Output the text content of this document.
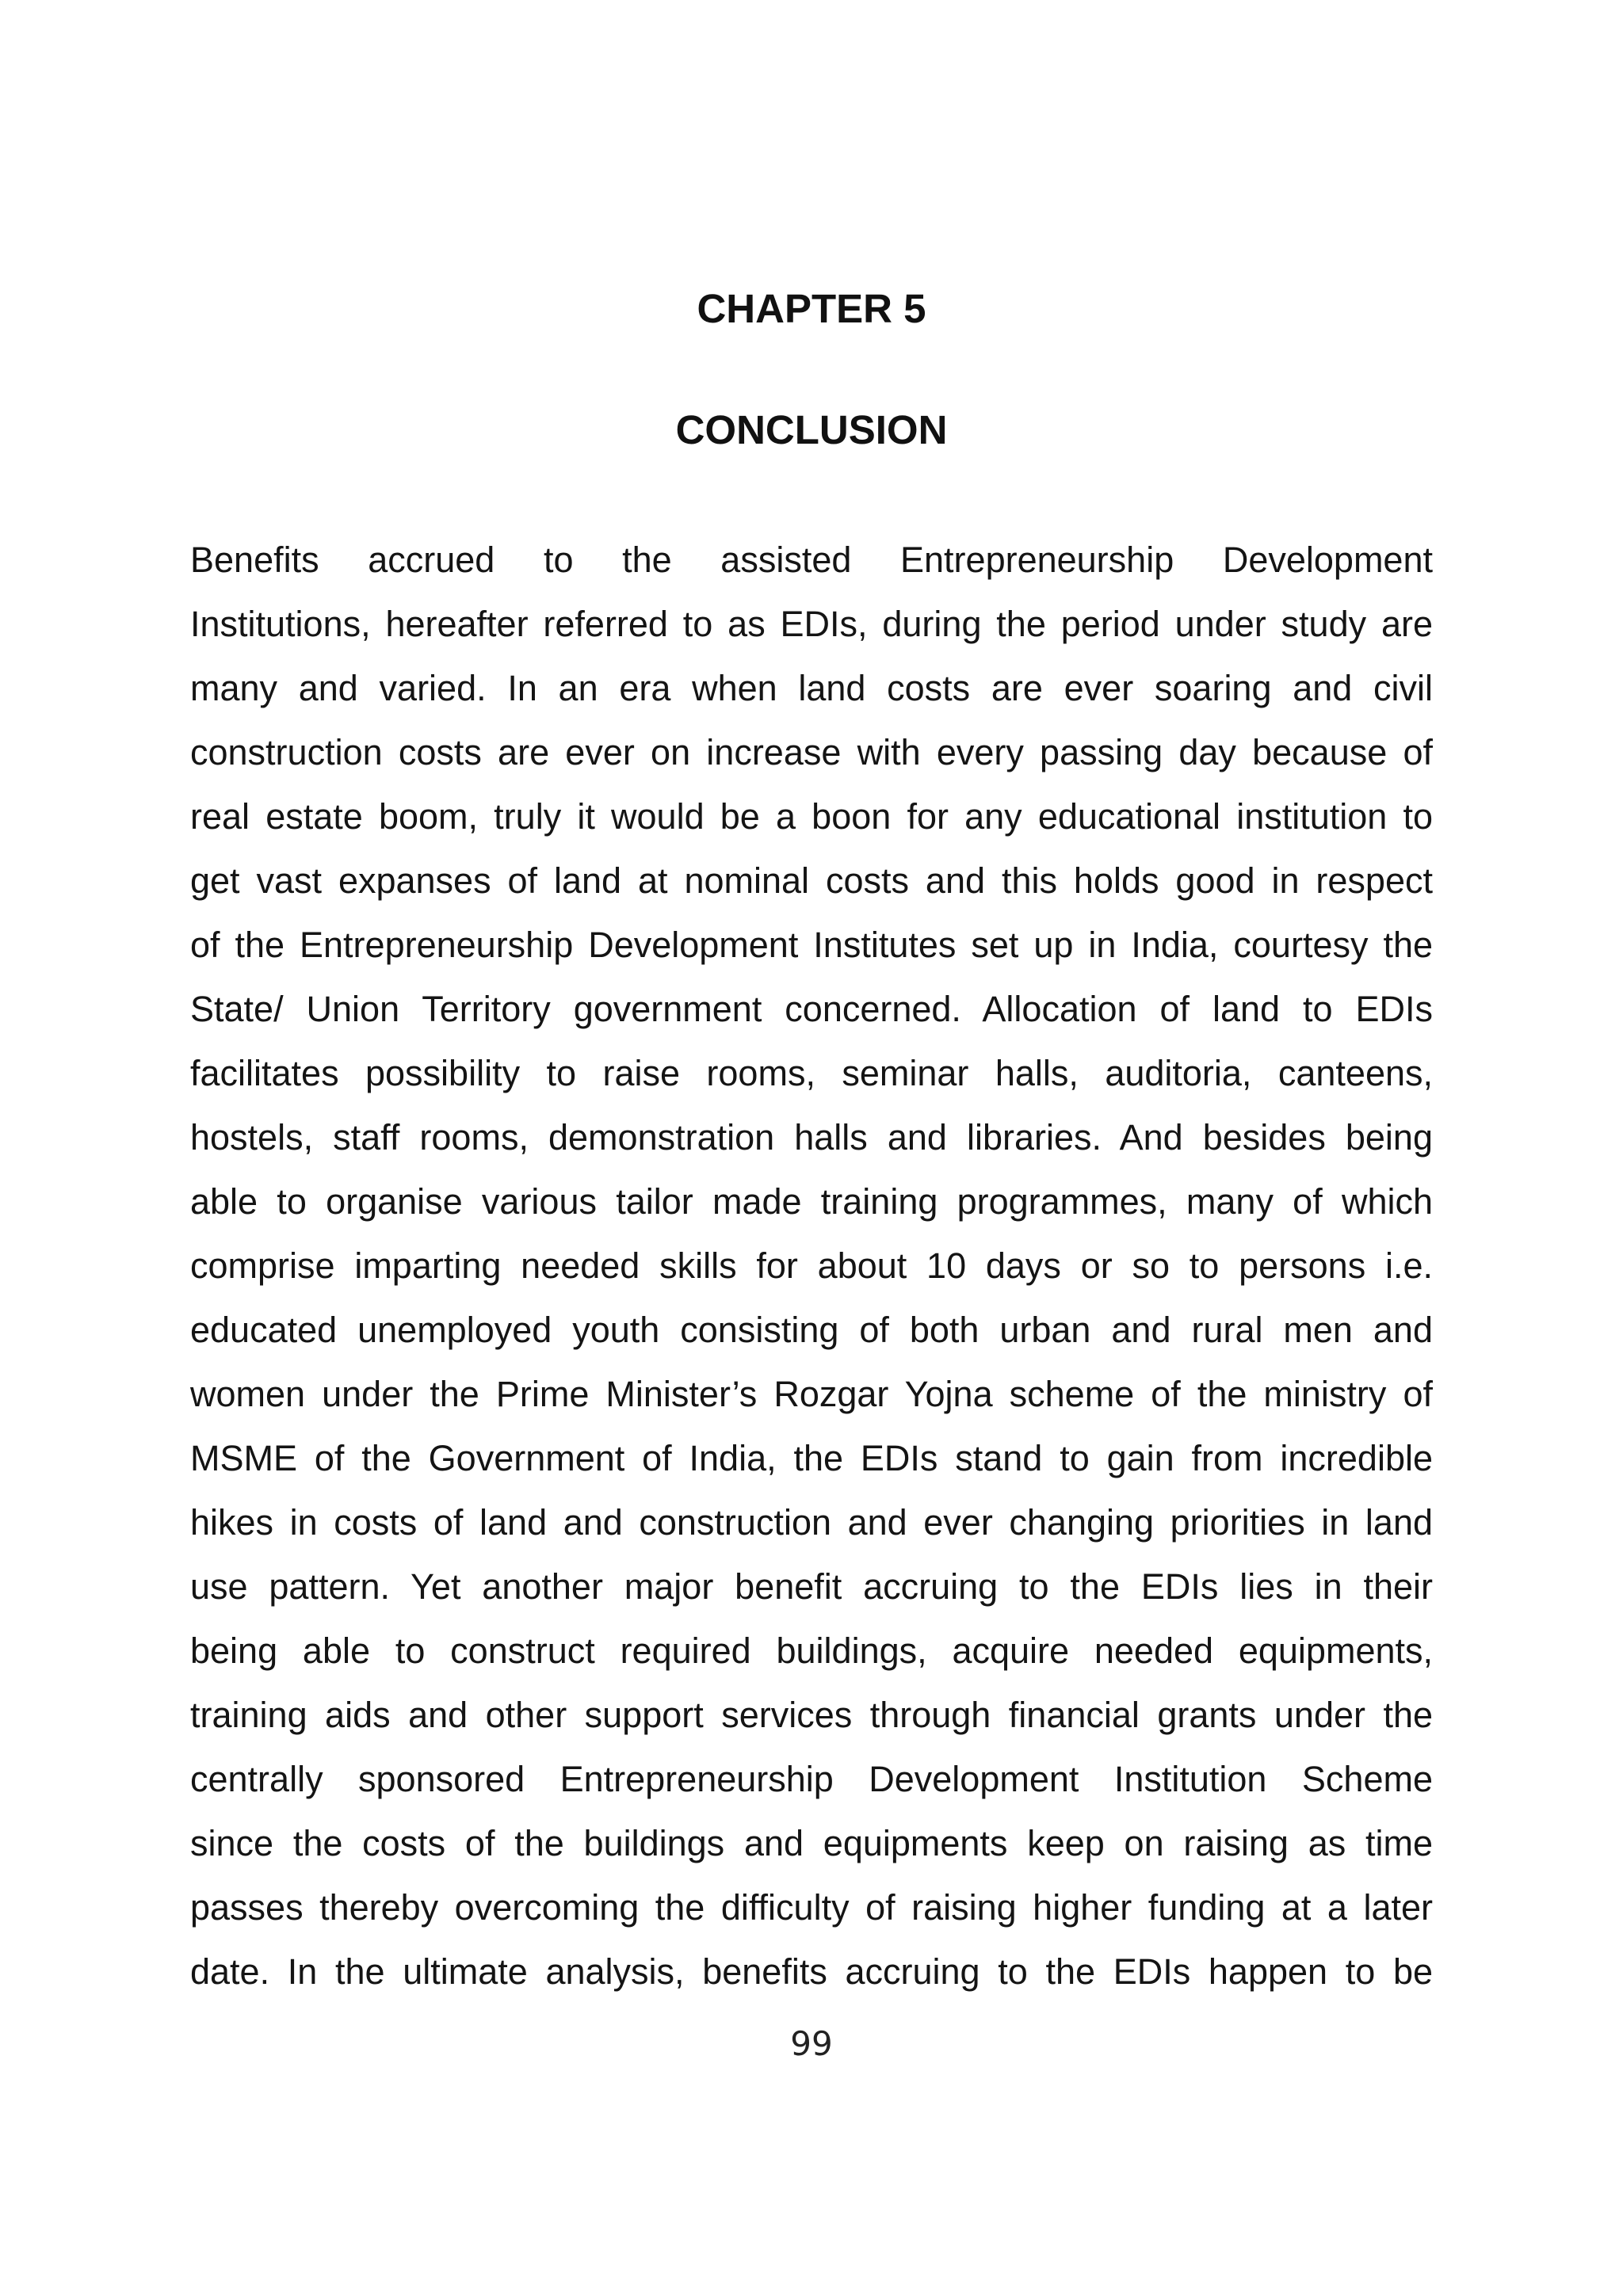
CHAPTER 5
CONCLUSION
Benefits accrued to the assisted Entrepreneurship Development
Institutions, hereafter referred to as EDIs, during the period under study are
many and varied. In an era when land costs are ever soaring and civil
construction costs are ever on increase with every passing day because of
real estate boom, truly it would be a boon for any educational institution to
get vast expanses of land at nominal costs and this holds good in respect
of the Entrepreneurship Development Institutes set up in India, courtesy the
State/ Union Territory government concerned. Allocation of land to EDIs
facilitates possibility to raise rooms, seminar halls, auditoria, canteens,
hostels, staff rooms, demonstration halls and libraries. And besides being
able to organise various tailor made training programmes, many of which
comprise imparting needed skills for about 10 days or so to persons i.e.
educated unemployed youth consisting of both urban and rural men and
women under the Prime Minister’s Rozgar Yojna scheme of the ministry of
MSME of the Government of India, the EDIs stand to gain from incredible
hikes in costs of land and construction and ever changing priorities in land
use pattern. Yet another major benefit accruing to the EDIs lies in their
being able to construct required buildings, acquire needed equipments,
training aids and other support services through financial grants under the
centrally sponsored Entrepreneurship Development Institution Scheme
since the costs of the buildings and equipments keep on raising as time
passes thereby overcoming the difficulty of raising higher funding at a later
date. In the ultimate analysis, benefits accruing to the EDIs happen to be
99
